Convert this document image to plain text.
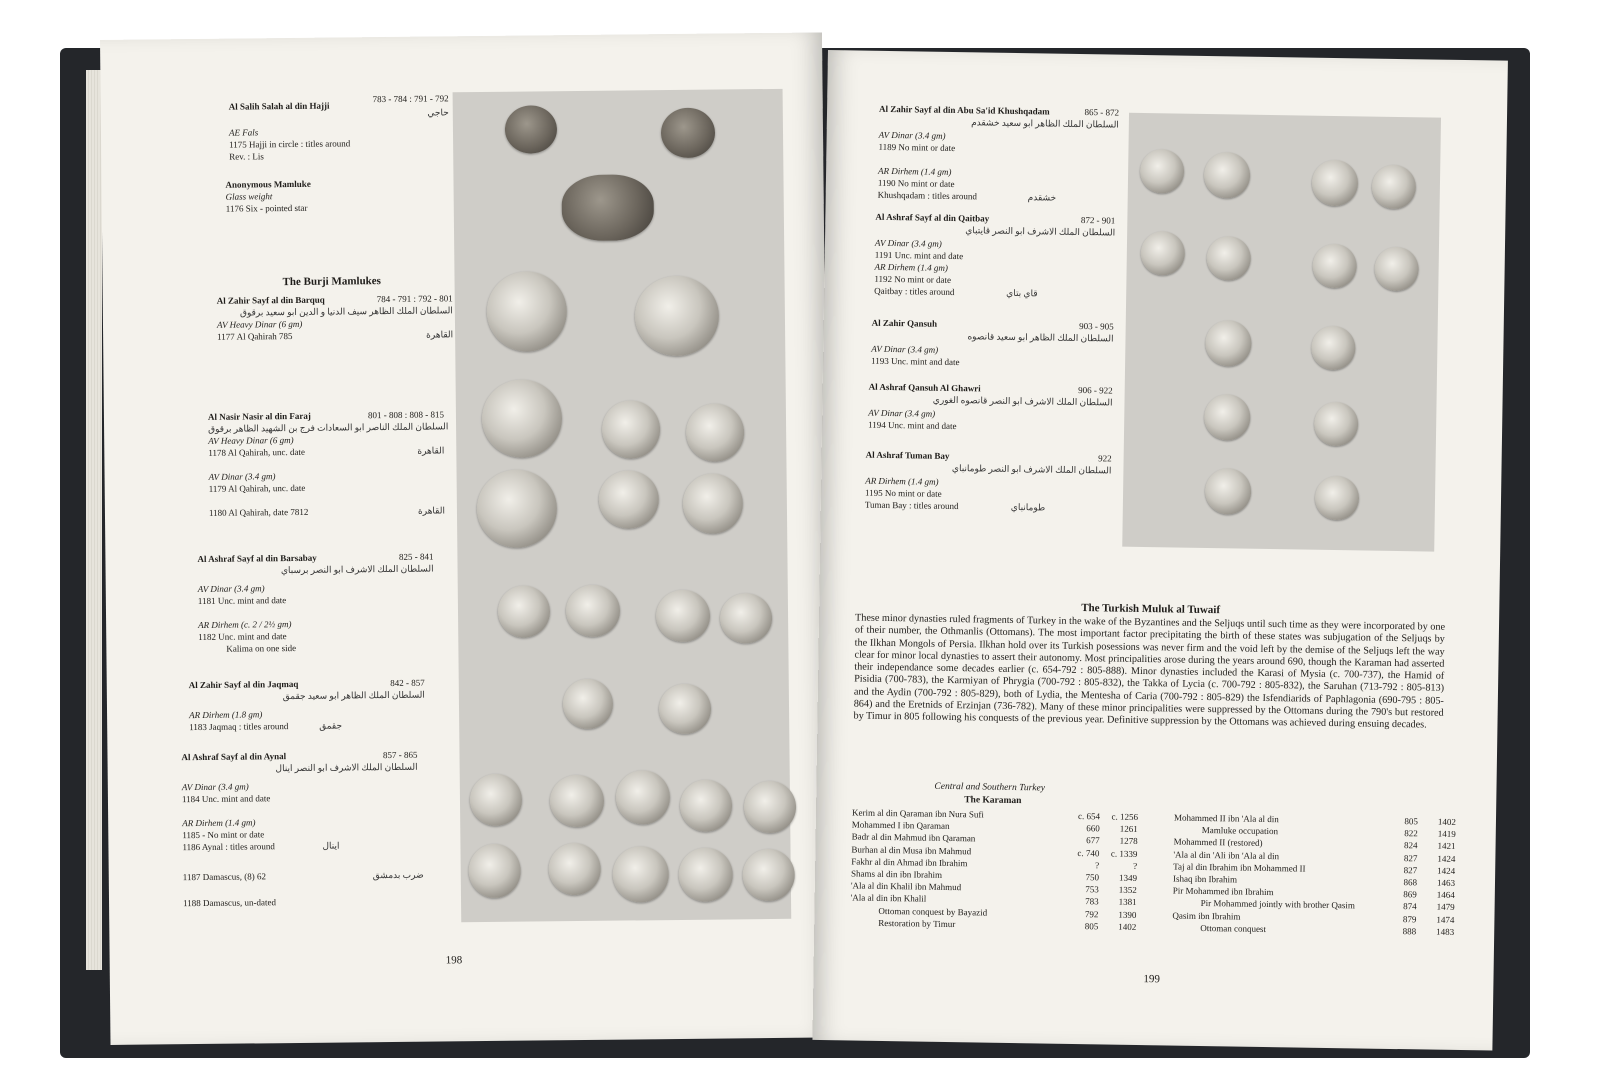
Al Salih Salah al din Hajji
783 - 784 : 791 - 792
حاجي
AE Fals
1175 Hajji in circle : titles around
Rev. : Lis
Anonymous Mamluke
Glass weight
1176 Six - pointed star
The Burji Mamlukes
Al Zahir Sayf al din Barquq	784 - 791 : 792 - 801
السلطان الملك الظاهر سيف الدنيا و الدين ابو سعيد برقوق
AV Heavy Dinar (6 gm)
1177 Al Qahirah 785	القاهرة
Al Nasir Nasir al din Faraj	801 - 808 : 808 - 815
السلطان الملك الناصر ابو السعادات فرج بن الشهيد الظاهر برقوق
AV Heavy Dinar (6 gm)
1178 Al Qahirah, unc. date	القاهرة
AV Dinar (3.4 gm)
1179 Al Qahirah, unc. date
1180 Al Qahirah, date 7812	القاهرة
Al Ashraf Sayf al din Barsabay	825 - 841
السلطان الملك الاشرف ابو النصر برسباي
AV Dinar (3.4 gm)
1181 Unc. mint and date
AR Dirhem (c. 2 / 2½ gm)
1182 Unc. mint and date
Kalima on one side
Al Zahir Sayf al din Jaqmaq	842 - 857
السلطان الملك الظاهر ابو سعيد جقمق
AR Dirhem (1.8 gm)
1183 Jaqmaq : titles around	جقمق
Al Ashraf Sayf al din Aynal	857 - 865
السلطان الملك الاشرف ابو النصر اينال
AV Dinar (3.4 gm)
1184 Unc. mint and date
AR Dirhem (1.4 gm)
1185 - No mint or date
1186 Aynal : titles around	اينال
1187 Damascus, (8) 62	ضرب بدمشق
1188 Damascus, un-dated
198
Al Zahir Sayf al din Abu Sa'id Khushqadam	865 - 872
السلطان الملك الظاهر ابو سعيد خشقدم
AV Dinar (3.4 gm)
1189 No mint or date
AR Dirhem (1.4 gm)
1190 No mint or date
Khushqadam : titles around	خشقدم
Al Ashraf Sayf al din Qaitbay	872 - 901
السلطان الملك الاشرف ابو النصر قايتباي
AV Dinar (3.4 gm)
1191 Unc. mint and date
AR Dirhem (1.4 gm)
1192 No mint or date
Qaitbay : titles around	قاي بتاي
Al Zahir Qansuh	903 - 905
السلطان الملك الظاهر ابو سعيد قانصوه
AV Dinar (3.4 gm)
1193 Unc. mint and date
Al Ashraf Qansuh Al Ghawri	906 - 922
السلطان الملك الاشرف ابو النصر قانصوه الغوري
AV Dinar (3.4 gm)
1194 Unc. mint and date
Al Ashraf Tuman Bay	922
السلطان الملك الاشرف ابو النصر طومانباي
AR Dirhem (1.4 gm)
1195 No mint or date
Tuman Bay : titles around	طومانباي
The Turkish Muluk al Tuwaif
These minor dynasties ruled fragments of Turkey in the wake of the Byzantines and the Seljuqs until such time as they were incorporated by one of their number, the Othmanlis (Ottomans). The most important factor precipitating the birth of these states was subjugation of the Seljuqs by the Ilkhan Mongols of Persia. Ilkhan hold over its Turkish posessions was never firm and the void left by the demise of the Seljuqs left the way clear for minor local dynasties to assert their autonomy. Most principalities arose during the years around 690, though the Karaman had asserted their independance some decades earlier (c. 654-792 : 805-888). Minor dynasties included the Karasi of Mysia (c. 700-737), the Hamid of Pisidia (700-783), the Karmiyan of Phrygia (700-792 : 805-832), the Takka of Lycia (c. 700-792 : 805-832), the Saruhan (713-792 : 805-813) and the Aydin (700-792 : 805-829), both of Lydia, the Mentesha of Caria (700-792 : 805-829) the Isfendiarids of Paphlagonia (690-795 : 805-864) and the Eretnids of Erzinjan (736-782). Many of these minor principalities were suppressed by the Ottomans during the 790's but restored by Timur in 805 following his conquests of the previous year. Definitive suppression by the Ottomans was achieved during ensuing decades.
Central and Southern Turkey
The Karaman
Kerim al din Qaraman ibn Nura Sufi	c. 654	c. 1256
Mohammed I ibn Qaraman	660	1261
Badr al din Mahmud ibn Qaraman	677	1278
Burhan al din Musa ibn Mahmud	c. 740	c. 1339
Fakhr al din Ahmad ibn Ibrahim	?	?
Shams al din ibn Ibrahim	750	1349
'Ala al din Khalil ibn Mahmud	753	1352
'Ala al din ibn Khalil	783	1381
Ottoman conquest by Bayazid	792	1390
Restoration by Timur	805	1402
Mohammed II ibn 'Ala al din	805	1402
Mamluke occupation	822	1419
Mohammed II (restored)	824	1421
'Ala al din 'Ali ibn 'Ala al din	827	1424
Taj al din Ibrahim ibn Mohammed II	827	1424
Ishaq ibn Ibrahim	868	1463
Pir Mohammed ibn Ibrahim	869	1464
Pir Mohammed jointly with brother Qasim	874	1479
Qasim ibn Ibrahim	879	1474
Ottoman conquest	888	1483
199
